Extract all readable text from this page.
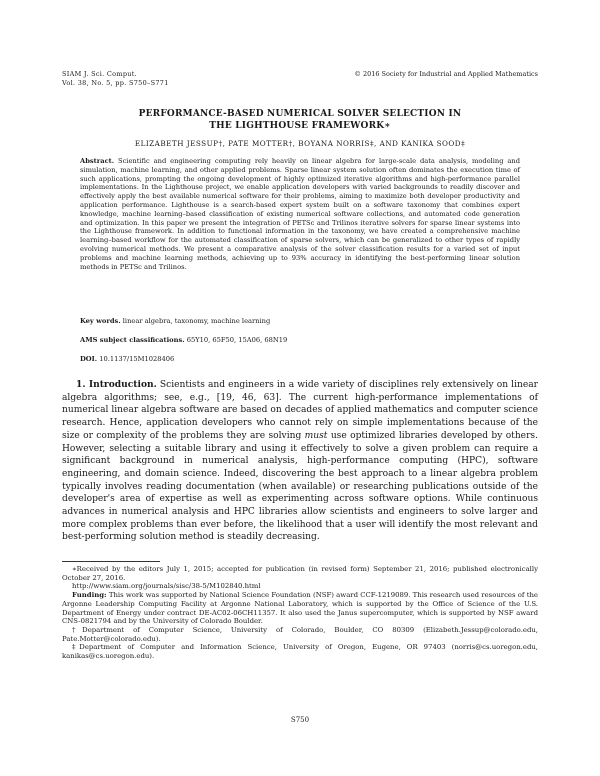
SIAM J. Sci. Comput.
Vol. 38, No. 5, pp. S750–S771
© 2016 Society for Industrial and Applied Mathematics
PERFORMANCE-BASED NUMERICAL SOLVER SELECTION IN
THE LIGHTHOUSE FRAMEWORK∗
ELIZABETH JESSUP†, PATE MOTTER†, BOYANA NORRIS‡, AND KANIKA SOOD‡
Abstract. Scientific and engineering computing rely heavily on linear algebra for large-scale data analysis, modeling and simulation, machine learning, and other applied problems. Sparse linear system solution often dominates the execution time of such applications, prompting the ongoing development of highly optimized iterative algorithms and high-performance parallel implementations. In the Lighthouse project, we enable application developers with varied backgrounds to readily discover and effectively apply the best available numerical software for their problems, aiming to maximize both developer productivity and application performance. Lighthouse is a search-based expert system built on a software taxonomy that combines expert knowledge, machine learning–based classification of existing numerical software collections, and automated code generation and optimization. In this paper we present the integration of PETSc and Trilinos iterative solvers for sparse linear systems into the Lighthouse framework. In addition to functional information in the taxonomy, we have created a comprehensive machine learning–based workflow for the automated classification of sparse solvers, which can be generalized to other types of rapidly evolving numerical methods. We present a comparative analysis of the solver classification results for a varied set of input problems and machine learning methods, achieving up to 93% accuracy in identifying the best-performing linear solution methods in PETSc and Trilinos.
Key words. linear algebra, taxonomy, machine learning
AMS subject classifications. 65Y10, 65F50, 15A06, 68N19
DOI. 10.1137/15M1028406
1. Introduction. Scientists and engineers in a wide variety of disciplines rely extensively on linear algebra algorithms; see, e.g., [19, 46, 63]. The current high-performance implementations of numerical linear algebra software are based on decades of applied mathematics and computer science research. Hence, application developers who cannot rely on simple implementations because of the size or complexity of the problems they are solving must use optimized libraries developed by others. However, selecting a suitable library and using it effectively to solve a given problem can require a significant background in numerical analysis, high-performance computing (HPC), software engineering, and domain science. Indeed, discovering the best approach to a linear algebra problem typically involves reading documentation (when available) or researching publications outside of the developer's area of expertise as well as experimenting across software options. While continuous advances in numerical analysis and HPC libraries allow scientists and engineers to solve larger and more complex problems than ever before, the likelihood that a user will identify the most relevant and best-performing solution method is steadily decreasing.

∗Received by the editors July 1, 2015; accepted for publication (in revised form) September 21, 2016; published electronically October 27, 2016.

http://www.siam.org/journals/sisc/38-5/M102840.html

Funding: This work was supported by National Science Foundation (NSF) award CCF-1219089. This research used resources of the Argonne Leadership Computing Facility at Argonne National Laboratory, which is supported by the Office of Science of the U.S. Department of Energy under contract DE-AC02-06CH11357. It also used the Janus supercomputer, which is supported by NSF award CNS-0821794 and by the University of Colorado Boulder.

†Department of Computer Science, University of Colorado, Boulder, CO 80309 (Elizabeth.Jessup@colorado.edu, Pate.Motter@colorado.edu).

‡Department of Computer and Information Science, University of Oregon, Eugene, OR 97403 (norris@cs.uoregon.edu, kanikas@cs.uoregon.edu).

S750
